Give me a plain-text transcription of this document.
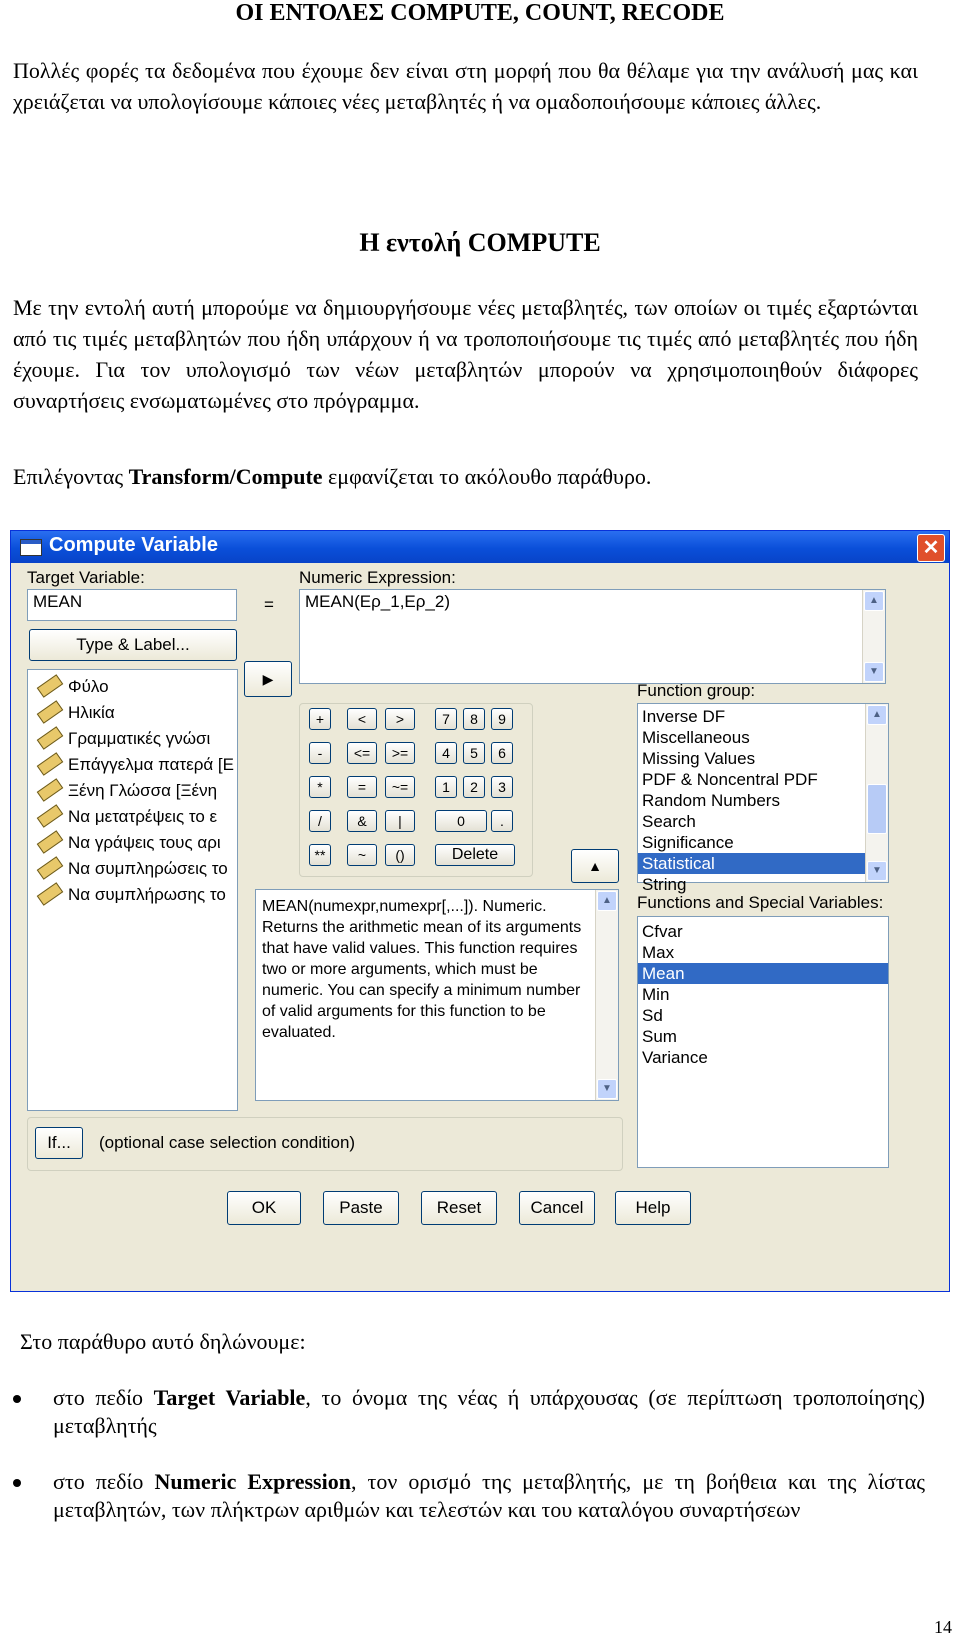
ΟΙ ΕΝΤΟΛΕΣ COMPUTE, COUNT, RECODE

Πολλές φορές τα δεδομένα που έχουμε δεν είναι στη μορφή που θα θέλαμε για την ανάλυσή μας και χρειάζεται να υπολογίσουμε κάποιες νέες μεταβλητές ή να ομαδοποιήσουμε κάποιες άλλες.

Η εντολή COMPUTE

Με την εντολή αυτή μπορούμε να δημιουργήσουμε νέες μεταβλητές, των οποίων οι τιμές εξαρτώνται από τις τιμές μεταβλητών που ήδη υπάρχουν ή να τροποποιήσουμε τις τιμές από μεταβλητές που ήδη έχουμε. Για τον υπολογισμό των νέων μεταβλητών μπορούν να χρησιμοποιηθούν διάφορες συναρτήσεις ενσωματωμένες στο πρόγραμμα.

Επιλέγοντας Transform/Compute εμφανίζεται το ακόλουθο παράθυρο.

Compute Variable	✕
Target Variable:
MEAN	=
Numeric Expression:
MEAN(Ερ_1,Ερ_2)	▲
▼
Type & Label...
▶
Φύλο
Ηλικία
Γραμματικές γνώσι
Επάγγελμα πατερά [Ε
Ξένη Γλώσσα [Ξένη
Να μετατρέψεις το ε
Να γράψεις τους αρι
Να συμπληρώσεις το
Να συμπλήρωσης το
▲
Function group:
Inverse DF
Miscellaneous
Missing Values
PDF & Noncentral PDF
Random Numbers
Search
Significance
Statistical
String
▲
▼
MEAN(numexpr,numexpr[,...]). Numeric. Returns the arithmetic mean of its arguments that have valid values. This function requires two or more arguments, which must be numeric. You can specify a minimum number of valid arguments for this function to be evaluated.
▲
▼
Functions and Special Variables:
Cfvar
Max
Mean
Min
Sd
Sum
Variance
If...	(optional case selection condition)
OK	Paste	Reset	Cancel	Help
+	<	>	7	8	9
-	<=	>=	4	5	6
*	=	~=	1	2	3
/	&	|	0	.
**	~	()	Delete

Στο παράθυρο αυτό δηλώνουμε:

στο πεδίο Target Variable, το όνομα της νέας ή υπάρχουσας (σε περίπτωση τροποποίησης) μεταβλητής
στο πεδίο Numeric Expression, τον ορισμό της μεταβλητής, με τη βοήθεια και της λίστας μεταβλητών, των πλήκτρων αριθμών και τελεστών και του καταλόγου συναρτήσεων
14
